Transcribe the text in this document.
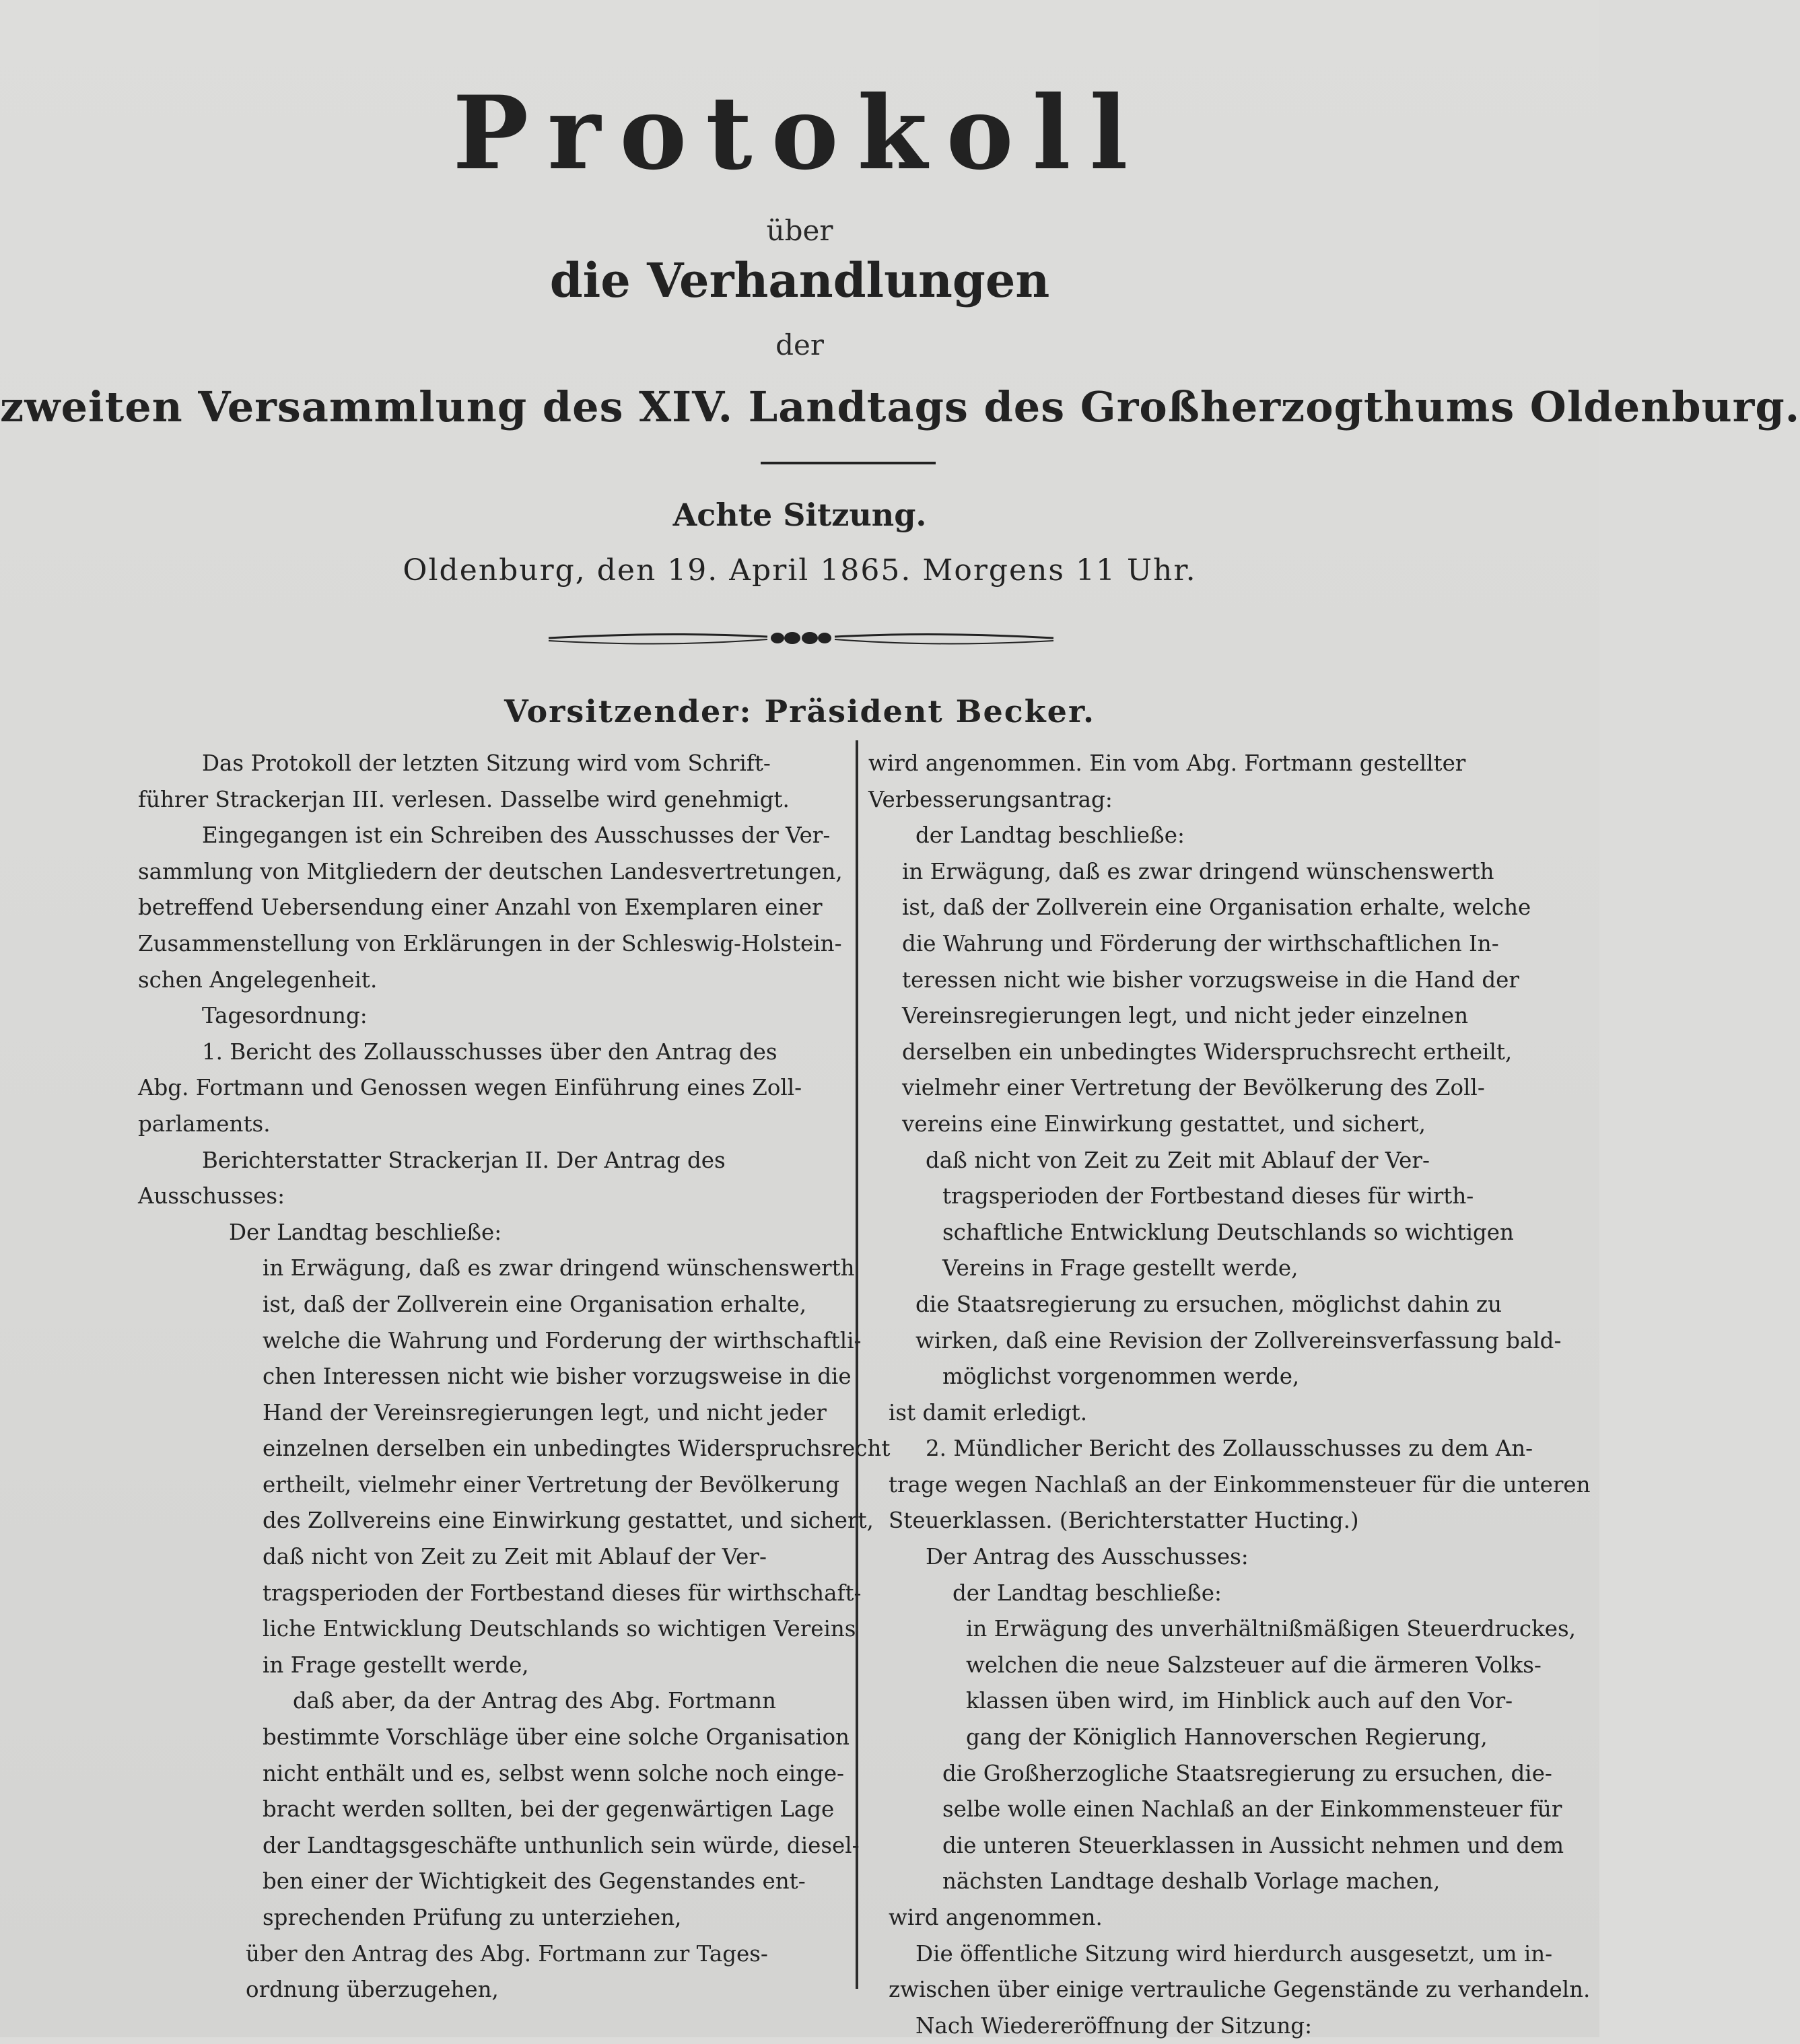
Protokoll
über
die Verhandlungen
der
zweiten Versammlung des XIV. Landtags des Großherzogthums Oldenburg.
Achte Sitzung.
Oldenburg, den 19. April 1865. Morgens 11 Uhr.
Vorsitzender: Präsident Becker.
Das Protokoll der letzten Sitzung wird vom Schrift-
führer Strackerjan III. verlesen. Dasselbe wird genehmigt.
Eingegangen ist ein Schreiben des Ausschusses der Ver-
sammlung von Mitgliedern der deutschen Landesvertretungen,
betreffend Uebersendung einer Anzahl von Exemplaren einer
Zusammenstellung von Erklärungen in der Schleswig-Holstein-
schen Angelegenheit.
Tagesordnung:
1. Bericht des Zollausschusses über den Antrag des
Abg. Fortmann und Genossen wegen Einführung eines Zoll-
parlaments.
Berichterstatter Strackerjan II. Der Antrag des
Ausschusses:
Der Landtag beschließe:
in Erwägung, daß es zwar dringend wünschenswerth
ist, daß der Zollverein eine Organisation erhalte,
welche die Wahrung und Forderung der wirthschaftli-
chen Interessen nicht wie bisher vorzugsweise in die
Hand der Vereinsregierungen legt, und nicht jeder
einzelnen derselben ein unbedingtes Widerspruchsrecht
ertheilt, vielmehr einer Vertretung der Bevölkerung
des Zollvereins eine Einwirkung gestattet, und sichert,
daß nicht von Zeit zu Zeit mit Ablauf der Ver-
tragsperioden der Fortbestand dieses für wirthschaft-
liche Entwicklung Deutschlands so wichtigen Vereins
in Frage gestellt werde,
daß aber, da der Antrag des Abg. Fortmann
bestimmte Vorschläge über eine solche Organisation
nicht enthält und es, selbst wenn solche noch einge-
bracht werden sollten, bei der gegenwärtigen Lage
der Landtagsgeschäfte unthunlich sein würde, diesel-
ben einer der Wichtigkeit des Gegenstandes ent-
sprechenden Prüfung zu unterziehen,
über den Antrag des Abg. Fortmann zur Tages-
ordnung überzugehen,
wird angenommen. Ein vom Abg. Fortmann gestellter
Verbesserungsantrag:
der Landtag beschließe:
in Erwägung, daß es zwar dringend wünschenswerth
ist, daß der Zollverein eine Organisation erhalte, welche
die Wahrung und Förderung der wirthschaftlichen In-
teressen nicht wie bisher vorzugsweise in die Hand der
Vereinsregierungen legt, und nicht jeder einzelnen
derselben ein unbedingtes Widerspruchsrecht ertheilt,
vielmehr einer Vertretung der Bevölkerung des Zoll-
vereins eine Einwirkung gestattet, und sichert,
daß nicht von Zeit zu Zeit mit Ablauf der Ver-
tragsperioden der Fortbestand dieses für wirth-
schaftliche Entwicklung Deutschlands so wichtigen
Vereins in Frage gestellt werde,
die Staatsregierung zu ersuchen, möglichst dahin zu
wirken, daß eine Revision der Zollvereinsverfassung bald-
möglichst vorgenommen werde,
ist damit erledigt.
2. Mündlicher Bericht des Zollausschusses zu dem An-
trage wegen Nachlaß an der Einkommensteuer für die unteren
Steuerklassen. (Berichterstatter Hucting.)
Der Antrag des Ausschusses:
der Landtag beschließe:
in Erwägung des unverhältnißmäßigen Steuerdruckes,
welchen die neue Salzsteuer auf die ärmeren Volks-
klassen üben wird, im Hinblick auch auf den Vor-
gang der Königlich Hannoverschen Regierung,
die Großherzogliche Staatsregierung zu ersuchen, die-
selbe wolle einen Nachlaß an der Einkommensteuer für
die unteren Steuerklassen in Aussicht nehmen und dem
nächsten Landtage deshalb Vorlage machen,
wird angenommen.
Die öffentliche Sitzung wird hierdurch ausgesetzt, um in-
zwischen über einige vertrauliche Gegenstände zu verhandeln.
Nach Wiedereröffnung der Sitzung:
